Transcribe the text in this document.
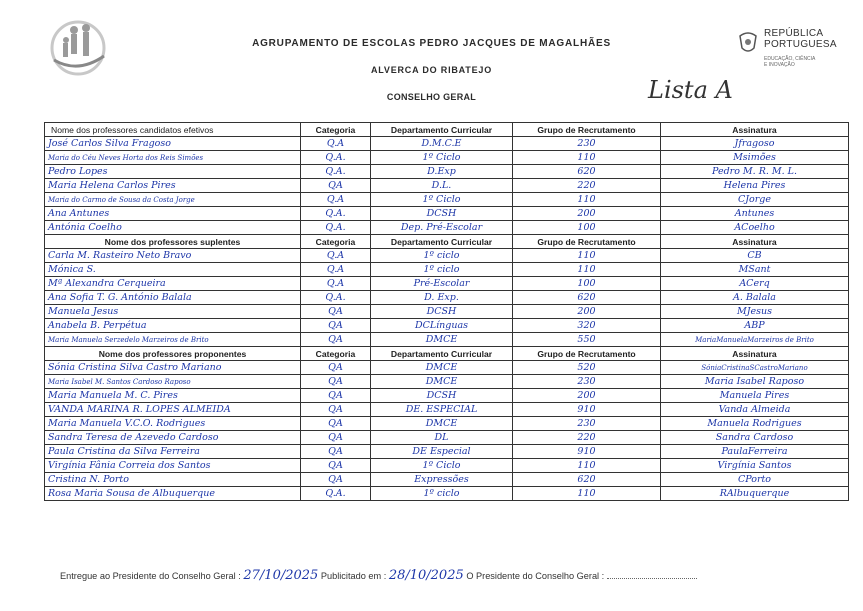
REPÚBLICA
PORTUGUESA
EDUCAÇÃO, CIÊNCIA
E INOVAÇÃO
AGRUPAMENTO DE ESCOLAS PEDRO JACQUES DE MAGALHÃES
ALVERCA DO RIBATEJO
CONSELHO GERAL	Lista A
Nome dos professores candidatos efetivos	Categoria	Departamento Curricular	Grupo de Recrutamento	Assinatura
José Carlos Silva Fragoso	Q.A	D.M.C.E	230	Jfragoso
Maria do Céu Neves Horta dos Reis Simões	Q.A.	1º Ciclo	110	Msimões
Pedro Lopes	Q.A.	D.Exp	620	Pedro M. R. M. L.
Maria Helena Carlos Pires	QA	D.L.	220	Helena Pires
Maria do Carmo de Sousa da Costa Jorge	Q.A	1º Ciclo	110	CJorge
Ana Antunes	Q.A.	DCSH	200	Antunes
Antónia Coelho	Q.A.	Dep. Pré-Escolar	100	ACoelho
Nome dos professores suplentes	Categoria	Departamento Curricular	Grupo de Recrutamento	Assinatura
Carla M. Rasteiro Neto Bravo	Q.A	1º ciclo	110	CB
Mónica S.	Q.A	1º ciclo	110	MSant
Mª Alexandra Cerqueira	Q.A	Pré-Escolar	100	ACerq
Ana Sofia T. G. António Balala	Q.A.	D. Exp.	620	A. Balala
Manuela Jesus	QA	DCSH	200	MJesus
Anabela B. Perpétua	QA	DCLínguas	320	ABP
Maria Manuela Serzedelo Marzeiros de Brito	QA	DMCE	550	MariaManuelaMarzeiros de Brito
Nome dos professores proponentes	Categoria	Departamento Curricular	Grupo de Recrutamento	Assinatura
Sónia Cristina Silva Castro Mariano	QA	DMCE	520	SóniaCristinaSCastroMariano
Maria Isabel M. Santos Cardoso Raposo	QA	DMCE	230	Maria Isabel Raposo
Maria Manuela M. C. Pires	QA	DCSH	200	Manuela Pires
VANDA MARINA R. LOPES ALMEIDA	QA	DE. ESPECIAL	910	Vanda Almeida
Maria Manuela V.C.O. Rodrigues	QA	DMCE	230	Manuela Rodrigues
Sandra Teresa de Azevedo Cardoso	QA	DL	220	Sandra Cardoso
Paula Cristina da Silva Ferreira	QA	DE Especial	910	PaulaFerreira
Virgínia Fânia Correia dos Santos	QA	1º Ciclo	110	Virgínia Santos
Cristina N. Porto	QA	Expressões	620	CPorto
Rosa Maria Sousa de Albuquerque	Q.A.	1º ciclo	110	RAlbuquerque
Entregue ao Presidente do Conselho Geral : 27/10/2025 Publicitado em : 28/10/2025 O Presidente do Conselho Geral :
